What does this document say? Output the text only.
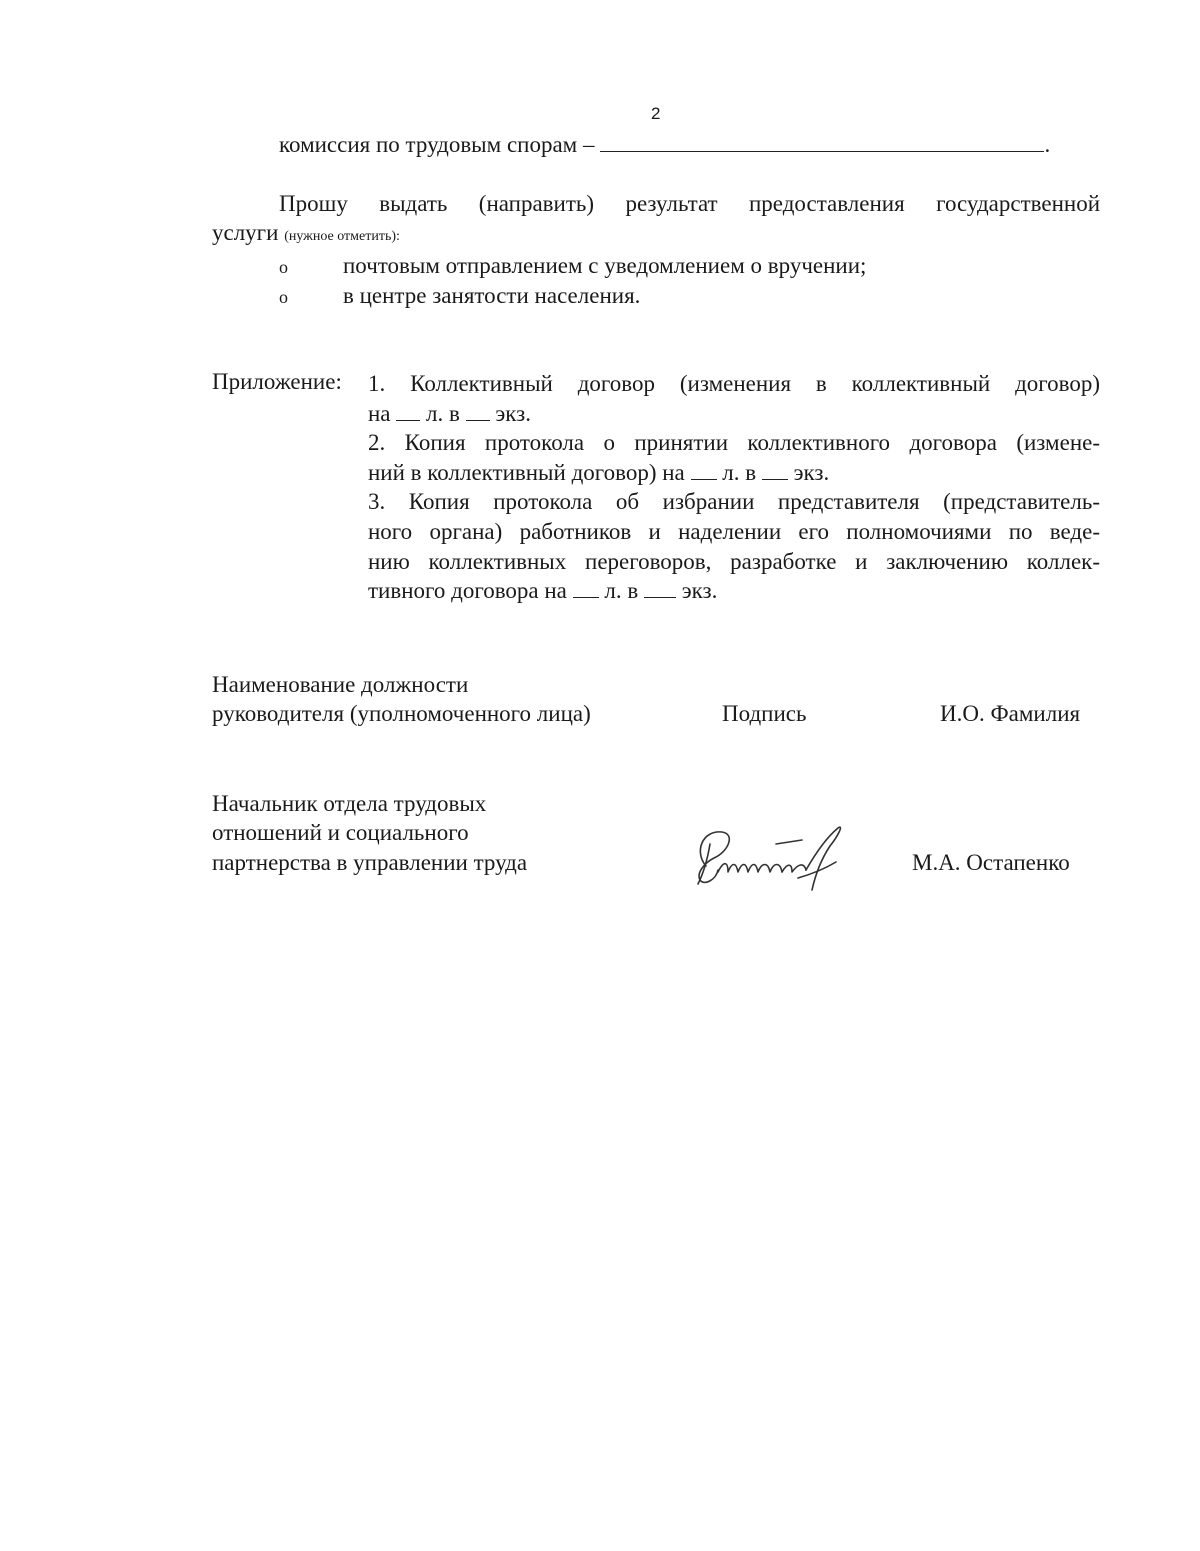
2
комиссия по трудовым спорам –	.
Прошу выдать (направить) результат предоставления государственной
услуги (нужное отметить):
o почтовым отправлением с уведомлением о вручении;
o в центре занятости населения.
Приложение: 1. Коллективный договор (изменения в коллективный договор)
на л. в экз.
2. Копия протокола о принятии коллективного договора (измене-
ний в коллективный договор) на л. в экз.
3. Копия протокола об избрании представителя (представитель-
ного органа) работников и наделении его полномочиями по веде-
нию коллективных переговоров, разработке и заключению коллек-
тивного договора на л. в экз.
Наименование должности
руководителя (уполномоченного лица)	Подпись	И.О. Фамилия
Начальник отдела трудовых
отношений и социального
партнерства в управлении труда	М.А. Остапенко
